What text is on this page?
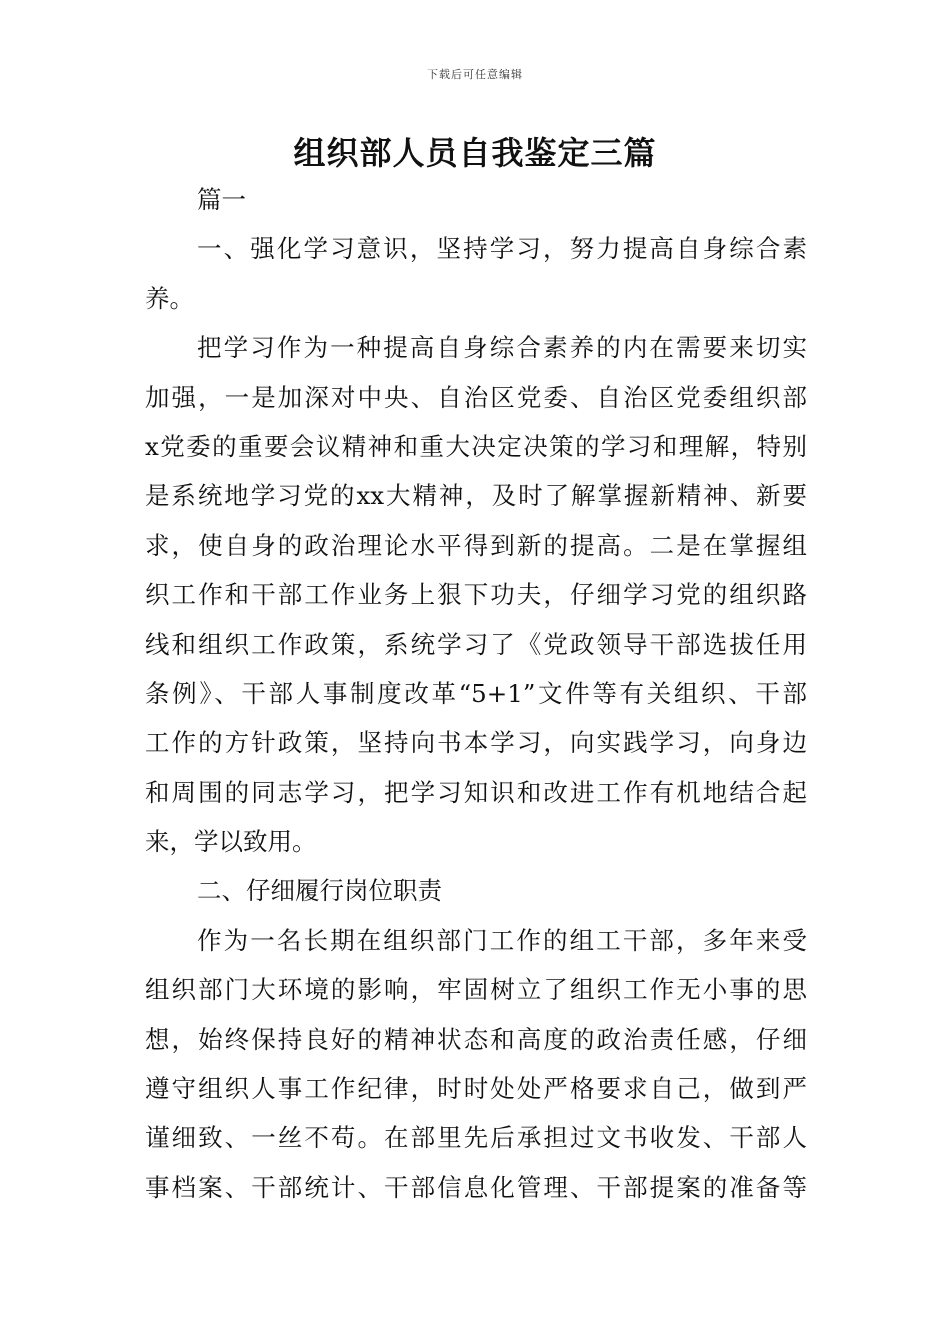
下载后可任意编辑
组织部人员自我鉴定三篇
篇一
一、强化学习意识，坚持学习，努力提高自身综合素
养。
把学习作为一种提高自身综合素养的内在需要来切实
加强，一是加深对中央、自治区党委、自治区党委组织部
x党委的重要会议精神和重大决定决策的学习和理解，特别
是系统地学习党的xx大精神，及时了解掌握新精神、新要
求，使自身的政治理论水平得到新的提高。二是在掌握组
织工作和干部工作业务上狠下功夫，仔细学习党的组织路
线和组织工作政策，系统学习了《党政领导干部选拔任用
条例》、干部人事制度改革“5+1”文件等有关组织、干部
工作的方针政策，坚持向书本学习，向实践学习，向身边
和周围的同志学习，把学习知识和改进工作有机地结合起
来，学以致用。
二、仔细履行岗位职责
作为一名长期在组织部门工作的组工干部，多年来受
组织部门大环境的影响，牢固树立了组织工作无小事的思
想，始终保持良好的精神状态和高度的政治责任感，仔细
遵守组织人事工作纪律，时时处处严格要求自己，做到严
谨细致、一丝不苟。在部里先后承担过文书收发、干部人
事档案、干部统计、干部信息化管理、干部提案的准备等
